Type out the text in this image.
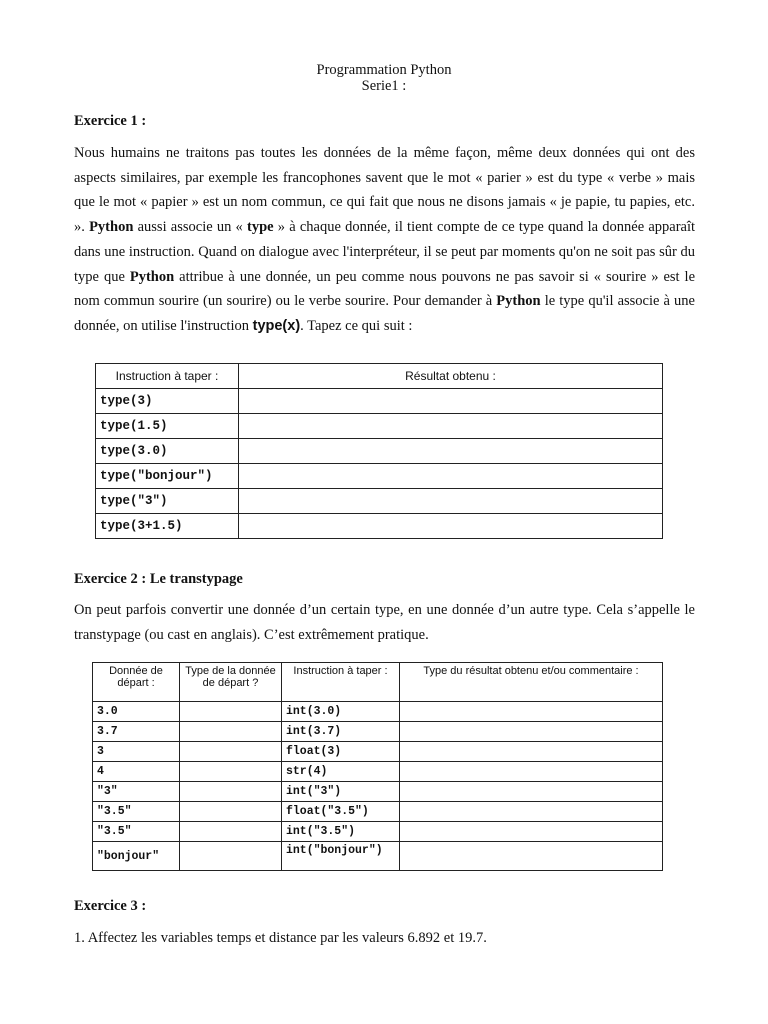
Programmation Python
Serie1 :
Exercice 1 :
Nous humains ne traitons pas toutes les données de la même façon, même deux données qui ont des aspects similaires, par exemple les francophones savent que le mot « parier » est du type « verbe » mais que le mot « papier » est un nom commun, ce qui fait que nous ne disons jamais « je papie, tu papies, etc. ». Python aussi associe un « type » à chaque donnée, il tient compte de ce type quand la donnée apparaît dans une instruction. Quand on dialogue avec l'interpréteur, il se peut par moments qu'on ne soit pas sûr du type que Python attribue à une donnée, un peu comme nous pouvons ne pas savoir si « sourire » est le nom commun sourire (un sourire) ou le verbe sourire. Pour demander à Python le type qu'il associe à une donnée, on utilise l'instruction type(x). Tapez ce qui suit :
Instruction à taper :	Résultat obtenu :
type(3)	
type(1.5)	
type(3.0)	
type("bonjour")	
type("3")	
type(3+1.5)	
Exercice 2 : Le transtypage
On peut parfois convertir une donnée d’un certain type, en une donnée d’un autre type. Cela s’appelle le transtypage (ou cast en anglais). C’est extrêmement pratique.
Donnée de départ :	Type de la donnée de départ ?	Instruction à taper :	Type du résultat obtenu et/ou commentaire :
3.0		int(3.0)	
3.7		int(3.7)	
3		float(3)	
4		str(4)	
"3"		int("3")	
"3.5"		float("3.5")	
"3.5"		int("3.5")	
"bonjour"		int("bonjour")	
Exercice 3 :
1. Affectez les variables temps et distance par les valeurs 6.892 et 19.7.
